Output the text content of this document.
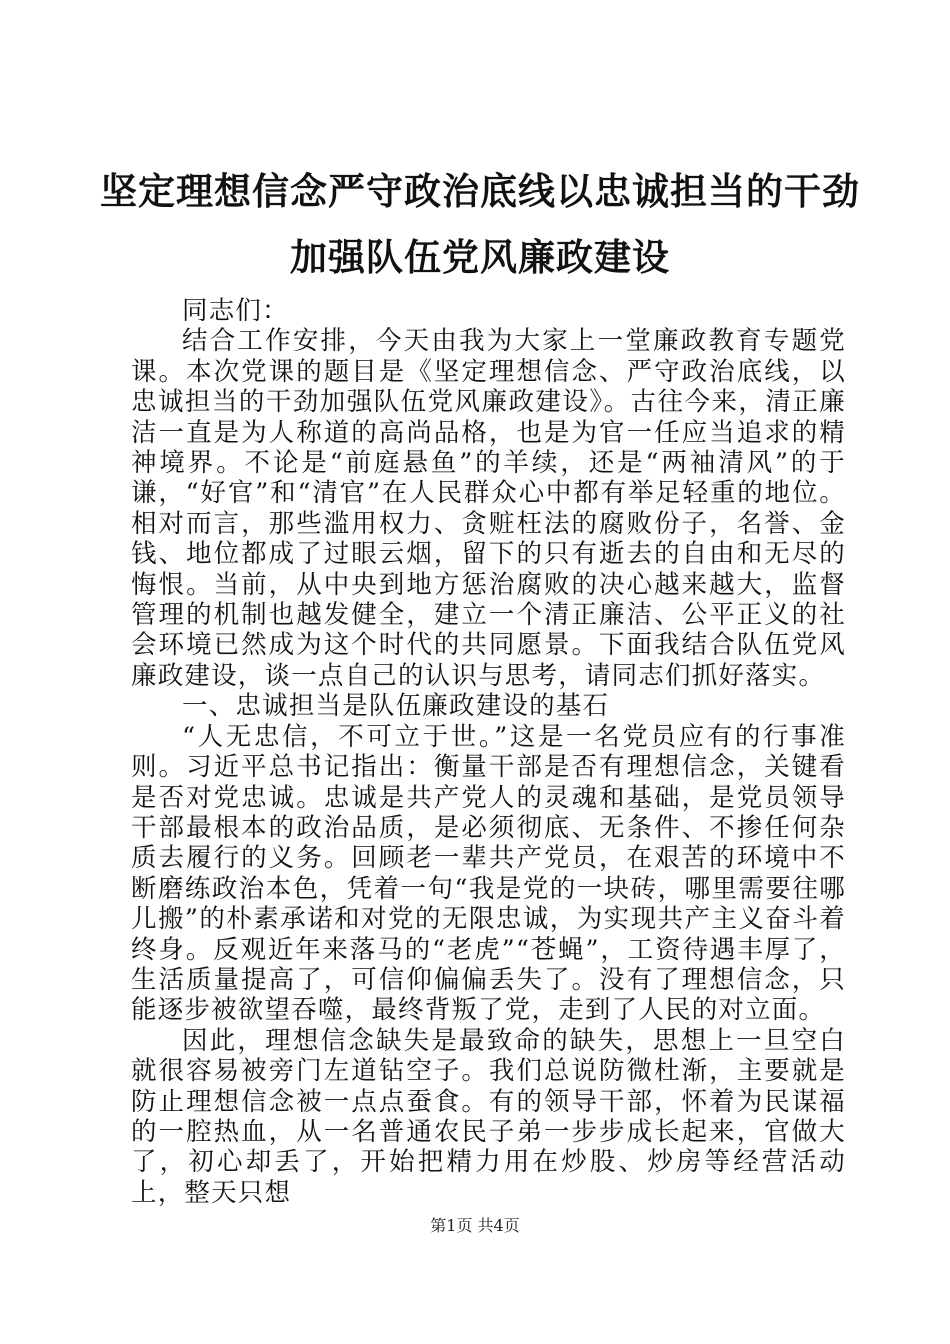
坚定理想信念严守政治底线以忠诚担当的干劲
加强队伍党风廉政建设

同志们：

结合工作安排，今天由我为大家上一堂廉政教育专题党课。本次党课的题目是《坚定理想信念、严守政治底线，以忠诚担当的干劲加强队伍党风廉政建设》。古往今来，清正廉洁一直是为人称道的高尚品格，也是为官一任应当追求的精神境界。不论是“前庭悬鱼”的羊续，还是“两袖清风”的于谦，“好官”和“清官”在人民群众心中都有举足轻重的地位。相对而言，那些滥用权力、贪赃枉法的腐败份子，名誉、金钱、地位都成了过眼云烟，留下的只有逝去的自由和无尽的悔恨。当前，从中央到地方惩治腐败的决心越来越大，监督管理的机制也越发健全，建立一个清正廉洁、公平正义的社会环境已然成为这个时代的共同愿景。下面我结合队伍党风廉政建设，谈一点自己的认识与思考，请同志们抓好落实。

一、忠诚担当是队伍廉政建设的基石

“人无忠信，不可立于世。”这是一名党员应有的行事准则。习近平总书记指出：衡量干部是否有理想信念，关键看是否对党忠诚。忠诚是共产党人的灵魂和基础，是党员领导干部最根本的政治品质，是必须彻底、无条件、不掺任何杂质去履行的义务。回顾老一辈共产党员，在艰苦的环境中不断磨练政治本色，凭着一句“我是党的一块砖，哪里需要往哪儿搬”的朴素承诺和对党的无限忠诚，为实现共产主义奋斗着终身。反观近年来落马的“老虎”“苍蝇”，工资待遇丰厚了，生活质量提高了，可信仰偏偏丢失了。没有了理想信念，只能逐步被欲望吞噬，最终背叛了党，走到了人民的对立面。

因此，理想信念缺失是最致命的缺失，思想上一旦空白就很容易被旁门左道钻空子。我们总说防微杜渐，主要就是防止理想信念被一点点蚕食。有的领导干部，怀着为民谋福的一腔热血，从一名普通农民子弟一步步成长起来，官做大了，初心却丢了，开始把精力用在炒股、炒房等经营活动上，整天只想

第1页 共4页
